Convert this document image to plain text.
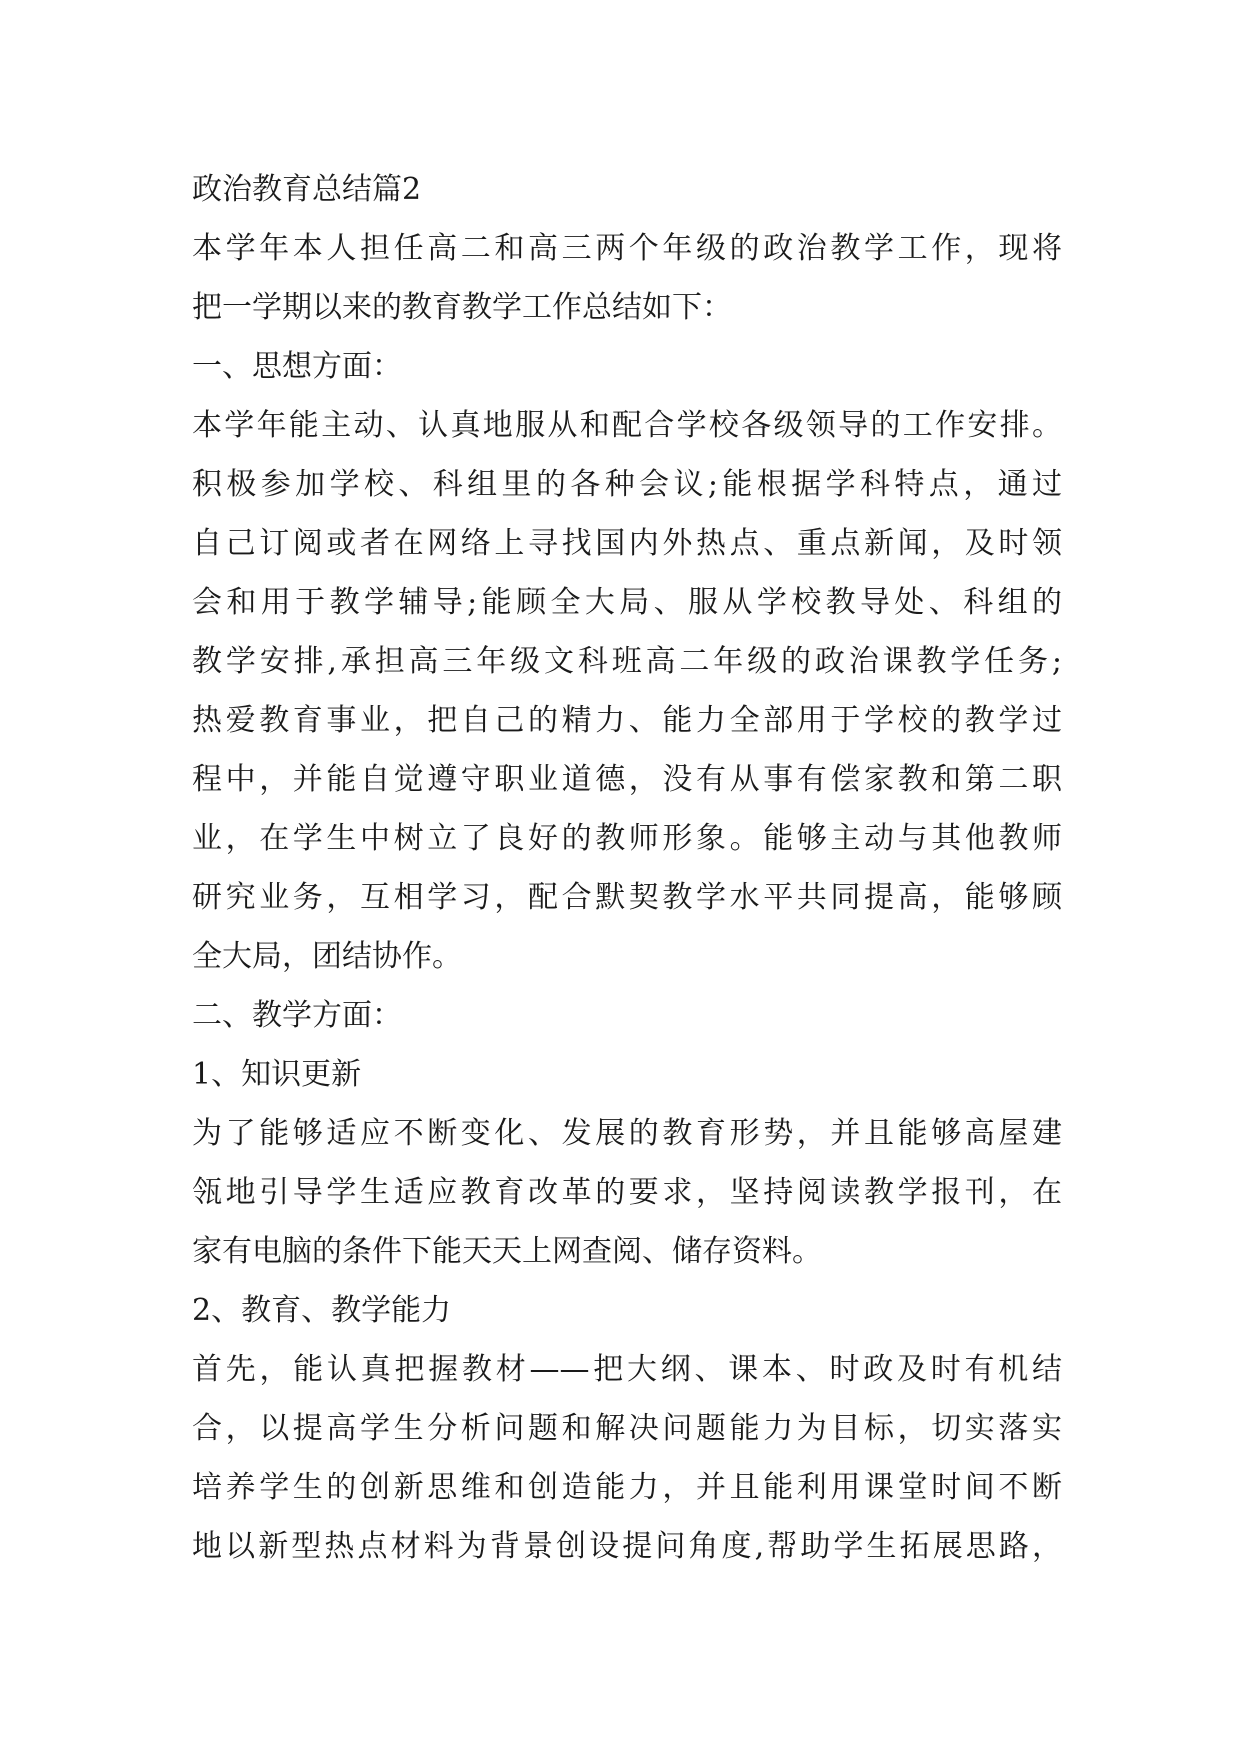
政治教育总结篇2
本学年本人担任高二和高三两个年级的政治教学工作，现将
把一学期以来的教育教学工作总结如下：
一、思想方面：
本学年能主动、认真地服从和配合学校各级领导的工作安排。
积极参加学校、科组里的各种会议;能根据学科特点，通过
自己订阅或者在网络上寻找国内外热点、重点新闻，及时领
会和用于教学辅导;能顾全大局、服从学校教导处、科组的
教学安排,承担高三年级文科班高二年级的政治课教学任务;
热爱教育事业，把自己的精力、能力全部用于学校的教学过
程中，并能自觉遵守职业道德，没有从事有偿家教和第二职
业，在学生中树立了良好的教师形象。能够主动与其他教师
研究业务，互相学习，配合默契教学水平共同提高，能够顾
全大局，团结协作。
二、教学方面：
1、知识更新
为了能够适应不断变化、发展的教育形势，并且能够高屋建
瓴地引导学生适应教育改革的要求，坚持阅读教学报刊，在
家有电脑的条件下能天天上网查阅、储存资料。
2、教育、教学能力
首先，能认真把握教材——把大纲、课本、时政及时有机结
合，以提高学生分析问题和解决问题能力为目标，切实落实
培养学生的创新思维和创造能力，并且能利用课堂时间不断
地以新型热点材料为背景创设提问角度,帮助学生拓展思路，
